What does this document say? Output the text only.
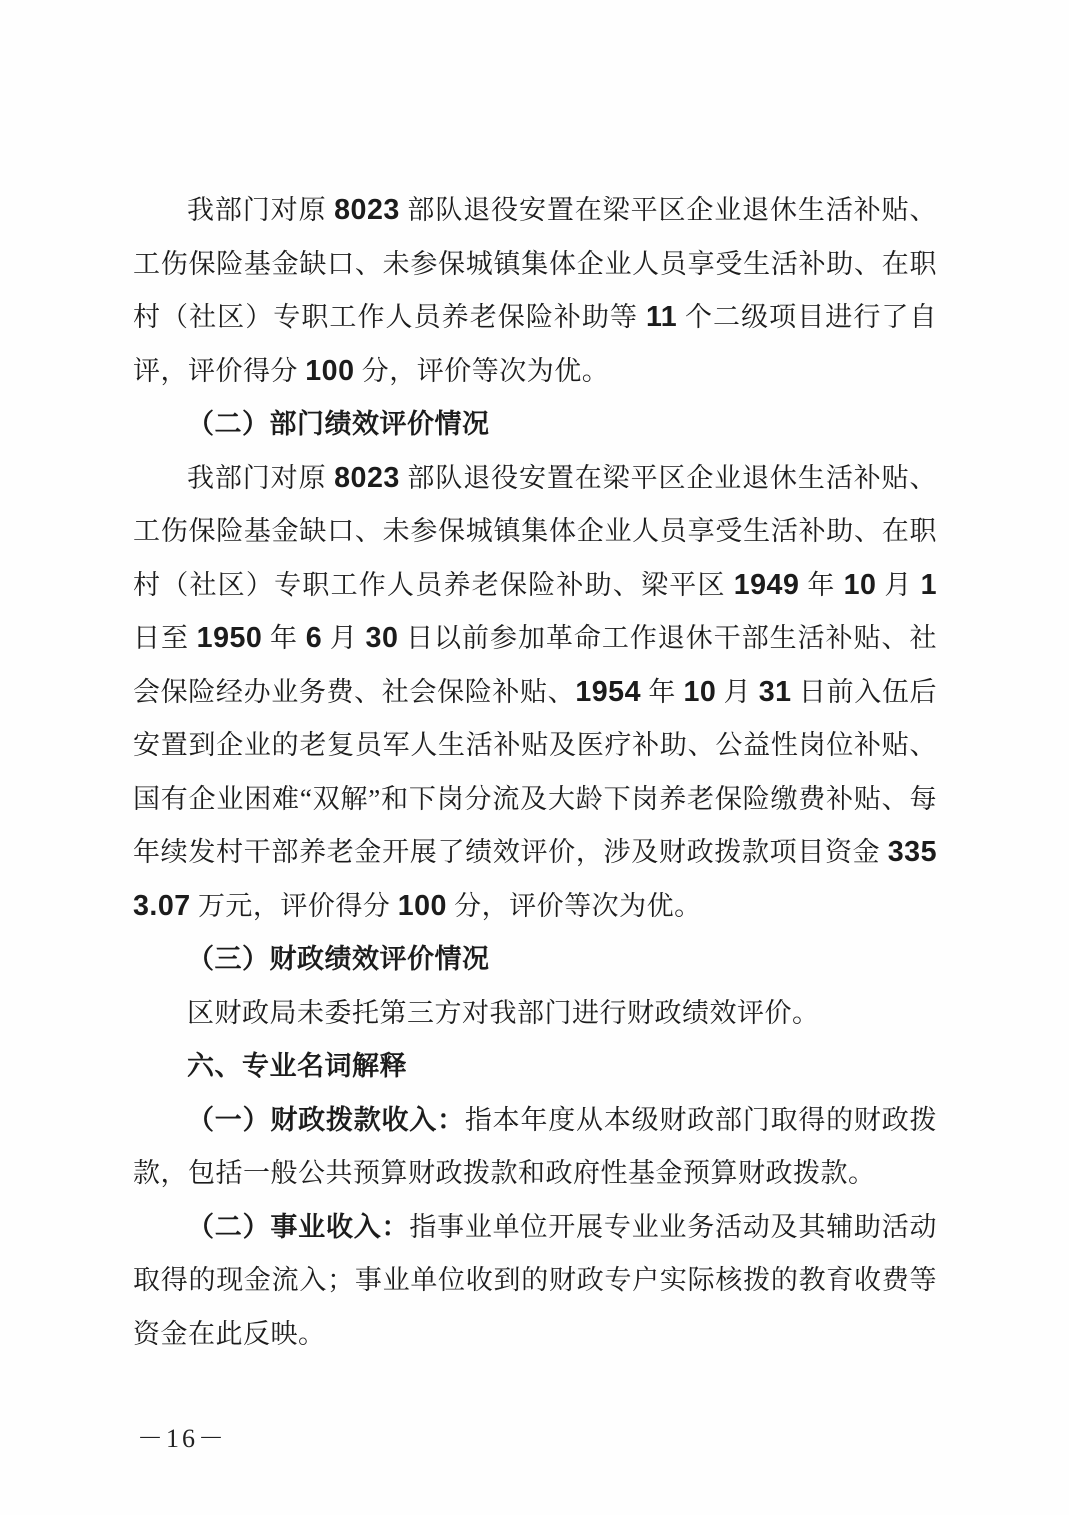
我部门对原 8023 部队退役安置在梁平区企业退休生活补贴、工伤保险基金缺口、未参保城镇集体企业人员享受生活补助、在职村（社区）专职工作人员养老保险补助等 11 个二级项目进行了自评，评价得分 100 分，评价等次为优。

（二）部门绩效评价情况

我部门对原 8023 部队退役安置在梁平区企业退休生活补贴、工伤保险基金缺口、未参保城镇集体企业人员享受生活补助、在职村（社区）专职工作人员养老保险补助、梁平区 1949 年 10 月 1 日至 1950 年 6 月 30 日以前参加革命工作退休干部生活补贴、社会保险经办业务费、社会保险补贴、1954 年 10 月 31 日前入伍后安置到企业的老复员军人生活补贴及医疗补助、公益性岗位补贴、国有企业困难“双解”和下岗分流及大龄下岗养老保险缴费补贴、每年续发村干部养老金开展了绩效评价，涉及财政拨款项目资金 3353.07 万元，评价得分 100 分，评价等次为优。

（三）财政绩效评价情况

区财政局未委托第三方对我部门进行财政绩效评价。

六、专业名词解释

（一）财政拨款收入：指本年度从本级财政部门取得的财政拨款，包括一般公共预算财政拨款和政府性基金预算财政拨款。

（二）事业收入：指事业单位开展专业业务活动及其辅助活动取得的现金流入；事业单位收到的财政专户实际核拨的教育收费等资金在此反映。

－16－
